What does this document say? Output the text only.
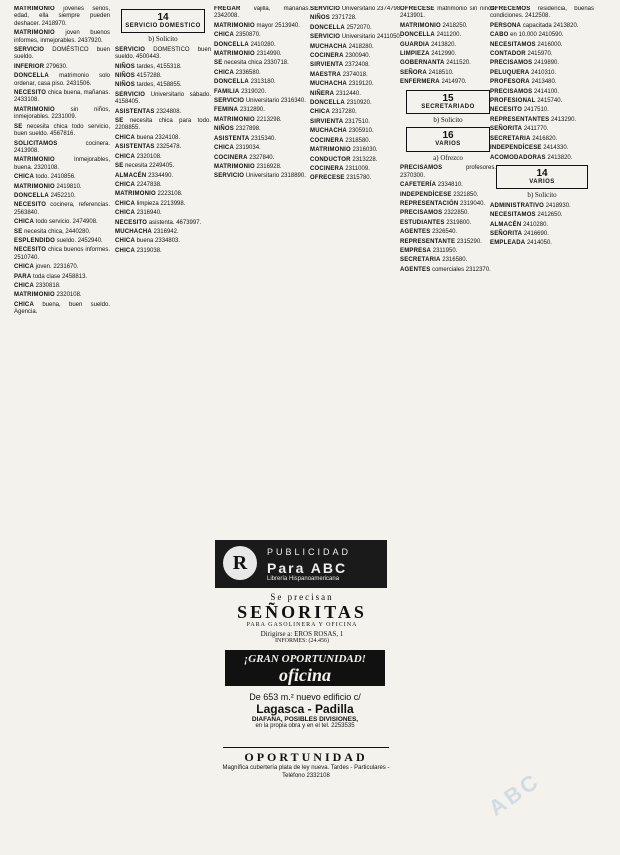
MATRIMONIO jóvenes serios, edad, ella siempre pueden deshacer. 2418970.
MATRIMONIO joven buenos informes, inmejorables. 2437920.
SERVICIO DOMÉSTICO buen sueldo.
INFERIOR 279630.
DONCELLA matrimonio solo ordenar, casa piso. 2431506.
NECESITO chica buena, mañanas. 2433108.
MATRIMONIO sin niños, inmejorables. 2231009.
SE necesita chica todo servicio, buen sueldo. 4567816.
SOLICITAMOS cocinera. 2413908.
MATRIMONIO Inmejorables, buena. 2320108.
CHICA todo. 2410856.
MATRIMONIO 2419810.
DONCELLA 2452210.
NECESITO cocinera, referencias. 2563840.
CHICA todo servicio. 2474908.
SE necesita chica, 2440280.
ESPLENDIDO sueldo. 2452940.
NECESITO chica buenos informes. 2510740.
CHICA joven. 2231670.
PARA toda clase 2458813.
CHICA 2330818.
MATRIMONIO 2320108.
CHICA buena, buen sueldo. Agencia.
14
SERVICIO DOMESTICO
b) Solicito
SERVICIO DOMESTICO buen sueldo. 4500443.
NIÑOS tardes, 4155318.
NIÑOS 4157288.
NIÑOS tardes, 4158855.
SERVICIO Universitario sábado. 4158405.
ASISTENTAS 2324808.
SE necesita chica para todo. 2208855.
CHICA buena 2324108.
ASISTENTAS 2325478.
CHICA 2320108.
SE necesita 2249405.
ALMACÉN 2334490.
CHICA 2247838.
MATRIMONIO 2223108.
CHICA limpieza 2213998.
CHICA 2316940.
NECESITO asistenta. 4673997.
MUCHACHA 2316942.
CHICA buena 2334803.
CHICA 2319038.
FREGAR vajilla, mañanas. 2342008.
MATRIMONIO mayor 2513940.
CHICA 2350870.
DONCELLA 2410280.
MATRIMONIO 2314990.
SE necesita chica 2330718.
CHICA 2336580.
DONCELLA 2313180.
FAMILIA 2319020.
SERVICIO Universitario 2316340.
FEMINA 2312890.
MATRIMONIO 2213298.
NIÑOS 2327898.
ASISTENTA 2315340.
CHICA 2319034.
COCINERA 2327840.
MATRIMONIO 2316928.
SERVICIO Universitario 2318890.
SERVICIO Universitario 2374798.
NIÑOS 2371728.
DONCELLA 2572070.
SERVICIO Universitario 2411050.
MUCHACHA 2418280.
COCINERA 2300940.
SIRVIENTA 2372408.
MAESTRA 2374018.
MUCHACHA 2319120.
NIÑERA 2312440.
DONCELLA 2310920.
CHICA 2317280.
SIRVIENTA 2317510.
MUCHACHA 2305910.
COCINERA 2318580.
MATRIMONIO 2316030.
CONDUCTOR 2313228.
COCINERA 2311009.
OFRECESE 2315780.
OFRECESE matrimonio sin niños. 2413901.
MATRIMONIO 2418250.
DONCELLA 2411200.
GUARDIA 2413820.
LIMPIEZA 2412990.
GOBERNANTA 2411520.
SEÑORA 2418510.
ENFERMERA 2414970.
15
SECRETARIADO
b) Solicito
16
VARIOS
a) Ofrezco
PRECISAMOS profesores. 2370300.
CAFETERÍA 2334810.
INDEPENDÍCESE 2321850.
REPRESENTACIÓN 2319040.
PRECISAMOS 2322850.
ESTUDIANTES 2319800.
AGENTES 2326540.
REPRESENTANTE 2315290.
EMPRESA 2311950.
SECRETARIA 2316580.
AGENTES comerciales 2312370.
OFRECEMOS residencia, buenas condiciones. 2412508.
PERSONA capacitada 2413820.
CABO en 10.000 2410590.
NECESITAMOS 2416000.
CONTADOR 2415970.
PRECISAMOS 2419890.
PELUQUERA 2410310.
PROFESORA 2413480.
PRECISAMOS 2414100.
PROFESIONAL 2415740.
NECESITO 2417510.
REPRESENTANTES 2413290.
SEÑORITA 2411770.
SECRETARIA 2416820.
INDEPENDÍCESE 2414330.
ACOMODADORAS 2413820.
14
VARIOS
b) Solicito
ADMINISTRATIVO 2418930.
NECESITAMOS 2412650.
ALMACÉN 2410280.
SEÑORITA 2416690.
EMPLEADA 2414050.
R	PUBLICIDAD
Para ABC
Librería Hispanoamericana
Se precisan
SEÑORITAS
PARA GASOLINERA Y OFICINA
Dirigirse a: EROS ROSAS, 1
INFORMES: (24.456)
¡GRAN OPORTUNIDAD!
oficina
De 653 m.² nuevo edificio c/
Lagasca - Padilla
DIAFANA, POSIBLES DIVISIONES,
en la propia obra y en el tel. 2253535
OPORTUNIDAD
Magnífica cubertería plata de ley nueva. Tardes - Particulares - Teléfono 2332108	ABC
